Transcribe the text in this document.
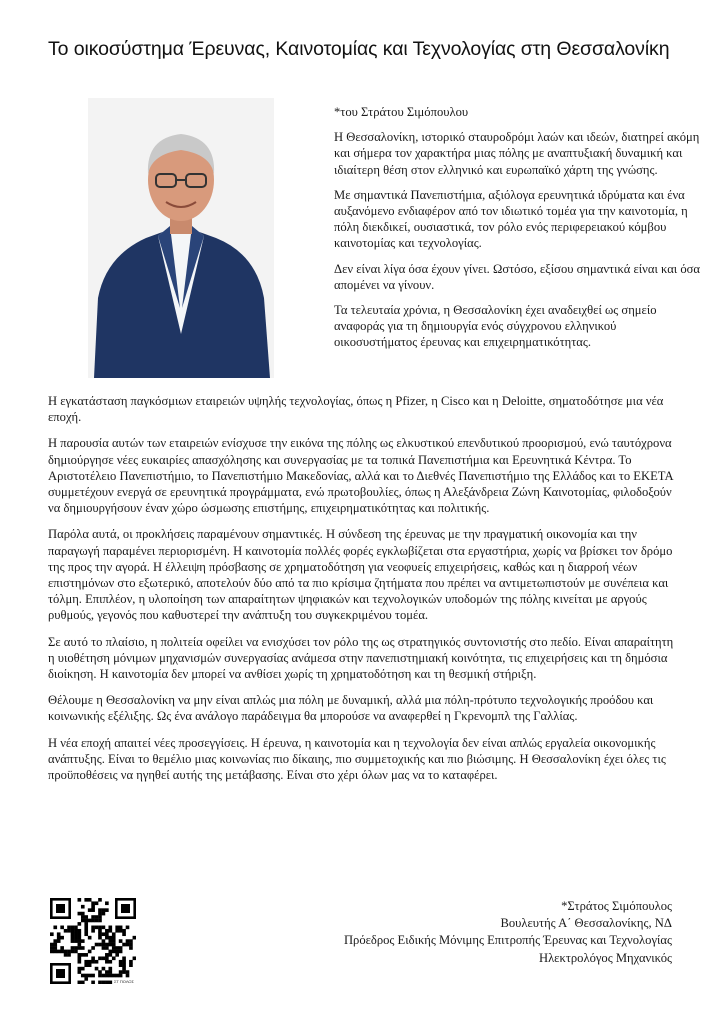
Το οικοσύστημα Έρευνας, Καινοτομίας και Τεχνολογίας στη Θεσσαλονίκη

*του Στράτου Σιμόπουλου

Η Θεσσαλονίκη, ιστορικό σταυροδρόμι λαών και ιδεών, διατηρεί ακόμη και σήμερα τον χαρακτήρα μιας πόλης με αναπτυξιακή δυναμική και ιδιαίτερη θέση στον ελληνικό και ευρωπαϊκό χάρτη της γνώσης.

Με σημαντικά Πανεπιστήμια, αξιόλογα ερευνητικά ιδρύματα και ένα αυξανόμενο ενδιαφέρον από τον ιδιωτικό τομέα για την καινοτομία, η πόλη διεκδικεί, ουσιαστικά, τον ρόλο ενός περιφερειακού κόμβου καινοτομίας και τεχνολογίας.

Δεν είναι λίγα όσα έχουν γίνει. Ωστόσο, εξίσου σημαντικά είναι και όσα απομένει να γίνουν.

Τα τελευταία χρόνια, η Θεσσαλονίκη έχει αναδειχθεί ως σημείο αναφοράς για τη δημιουργία ενός σύγχρονου ελληνικού οικοσυστήματος έρευνας και επιχειρηματικότητας.

Η εγκατάσταση παγκόσμιων εταιρειών υψηλής τεχνολογίας, όπως η Pfizer, η Cisco και η Deloitte, σηματοδότησε μια νέα εποχή.

Η παρουσία αυτών των εταιρειών ενίσχυσε την εικόνα της πόλης ως ελκυστικού επενδυτικού προορισμού, ενώ ταυτόχρονα δημιούργησε νέες ευκαιρίες απασχόλησης και συνεργασίας με τα τοπικά Πανεπιστήμια και Ερευνητικά Κέντρα. Το Αριστοτέλειο Πανεπιστήμιο, το Πανεπιστήμιο Μακεδονίας, αλλά και το Διεθνές Πανεπιστήμιο της Ελλάδος και το ΕΚΕΤΑ συμμετέχουν ενεργά σε ερευνητικά προγράμματα, ενώ πρωτοβουλίες, όπως η Αλεξάνδρεια Ζώνη Καινοτομίας, φιλοδοξούν να δημιουργήσουν έναν χώρο ώσμωσης επιστήμης, επιχειρηματικότητας και πολιτικής.

Παρόλα αυτά, οι προκλήσεις παραμένουν σημαντικές. Η σύνδεση της έρευνας με την πραγματική οικονομία και την παραγωγή παραμένει περιορισμένη. Η καινοτομία πολλές φορές εγκλωβίζεται στα εργαστήρια, χωρίς να βρίσκει τον δρόμο της προς την αγορά. Η έλλειψη πρόσβασης σε χρηματοδότηση για νεοφυείς επιχειρήσεις, καθώς και η διαρροή νέων επιστημόνων στο εξωτερικό, αποτελούν δύο από τα πιο κρίσιμα ζητήματα που πρέπει να αντιμετωπιστούν με συνέπεια και τόλμη. Επιπλέον, η υλοποίηση των απαραίτητων ψηφιακών και τεχνολογικών υποδομών της πόλης κινείται με αργούς ρυθμούς, γεγονός που καθυστερεί την ανάπτυξη του συγκεκριμένου τομέα.

Σε αυτό το πλαίσιο, η πολιτεία οφείλει να ενισχύσει τον ρόλο της ως στρατηγικός συντονιστής στο πεδίο. Είναι απαραίτητη η υιοθέτηση μόνιμων μηχανισμών συνεργασίας ανάμεσα στην πανεπιστημιακή κοινότητα, τις επιχειρήσεις και τη δημόσια διοίκηση. Η καινοτομία δεν μπορεί να ανθίσει χωρίς τη χρηματοδότηση και τη θεσμική στήριξη.

Θέλουμε η Θεσσαλονίκη να μην είναι απλώς μια πόλη με δυναμική, αλλά μια πόλη-πρότυπο τεχνολογικής προόδου και κοινωνικής εξέλιξης. Ως ένα ανάλογο παράδειγμα θα μπορούσε να αναφερθεί η Γκρενομπλ της Γαλλίας.

Η νέα εποχή απαιτεί νέες προσεγγίσεις. Η έρευνα, η καινοτομία και η τεχνολογία δεν είναι απλώς εργαλεία οικονομικής ανάπτυξης. Είναι το θεμέλιο μιας κοινωνίας πιο δίκαιης, πιο συμμετοχικής και πιο βιώσιμης. Η Θεσσαλονίκη έχει όλες τις προϋποθέσεις να ηγηθεί αυτής της μετάβασης. Είναι στο χέρι όλων μας να το καταφέρει.

ΣΤ ΠΟΛΟΣ
*Στράτος Σιμόπουλος
Βουλευτής Α΄ Θεσσαλονίκης, ΝΔ
Πρόεδρος Ειδικής Μόνιμης Επιτροπής Έρευνας και Τεχνολογίας
Ηλεκτρολόγος Μηχανικός
